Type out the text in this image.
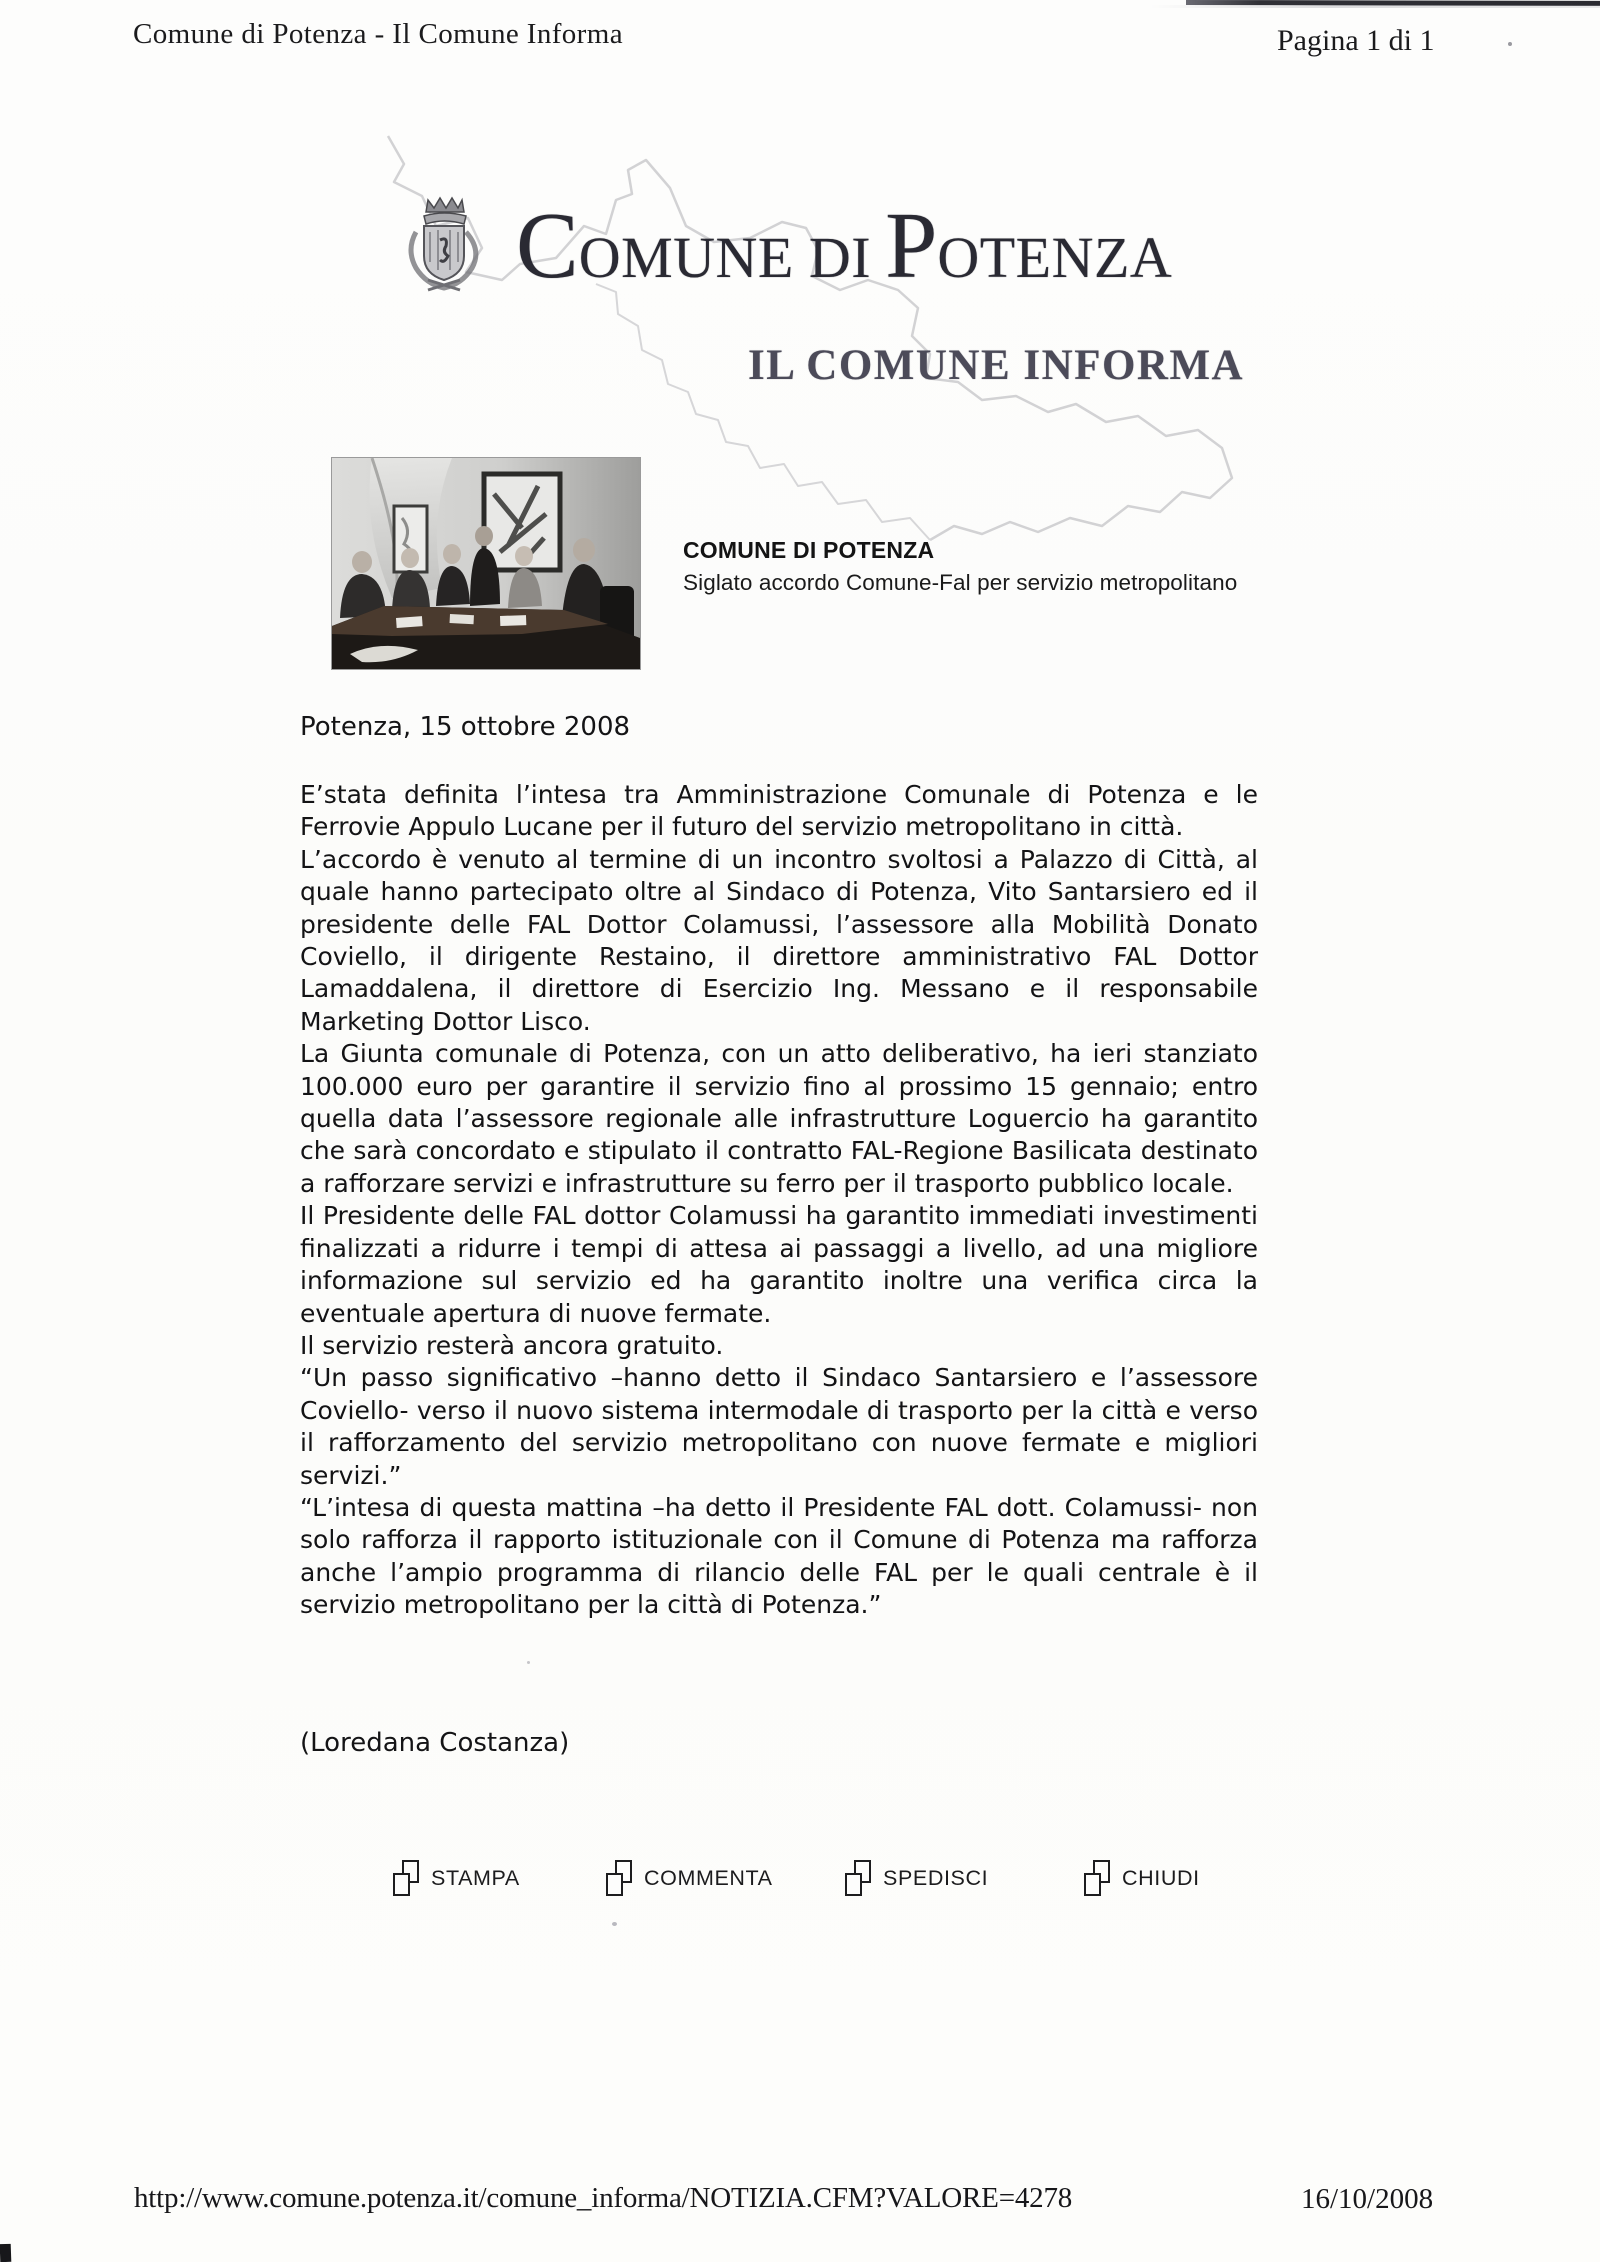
Comune di Potenza - Il Comune Informa	Pagina 1 di 1
COMUNE DI POTENZA
IL COMUNE INFORMA
COMUNE DI POTENZA
Siglato accordo Comune-Fal per servizio metropolitano
Potenza, 15 ottobre 2008

E’stata definita l’intesa tra Amministrazione Comunale di Potenza e le Ferrovie Appulo Lucane per il futuro del servizio metropolitano in città.

L’accordo è venuto al termine di un incontro svoltosi a Palazzo di Città, al quale hanno partecipato oltre al Sindaco di Potenza, Vito Santarsiero ed il presidente delle FAL Dottor Colamussi, l’assessore alla Mobilità Donato Coviello, il dirigente Restaino, il direttore amministrativo FAL Dottor Lamaddalena, il direttore di Esercizio Ing. Messano e il responsabile Marketing Dottor Lisco.

La Giunta comunale di Potenza, con un atto deliberativo, ha ieri stanziato 100.000 euro per garantire il servizio fino al prossimo 15 gennaio; entro quella data l’assessore regionale alle infrastrutture Loguercio ha garantito che sarà concordato e stipulato il contratto FAL-Regione Basilicata destinato a rafforzare servizi e infrastrutture su ferro per il trasporto pubblico locale.

Il Presidente delle FAL dottor Colamussi ha garantito immediati investimenti finalizzati a ridurre i tempi di attesa ai passaggi a livello, ad una migliore informazione sul servizio ed ha garantito inoltre una verifica circa la eventuale apertura di nuove fermate.

Il servizio resterà ancora gratuito.

“Un passo significativo –hanno detto il Sindaco Santarsiero e l’assessore Coviello- verso il nuovo sistema intermodale di trasporto per la città e verso il rafforzamento del servizio metropolitano con nuove fermate e migliori servizi.”

“L’intesa di questa mattina –ha detto il Presidente FAL dott. Colamussi- non solo rafforza il rapporto istituzionale con il Comune di Potenza ma rafforza anche l’ampio programma di rilancio delle FAL per le quali centrale è il servizio metropolitano per la città di Potenza.”

(Loredana Costanza)
STAMPA	COMMENTA	SPEDISCI	CHIUDI
http://www.comune.potenza.it/comune_informa/NOTIZIA.CFM?VALORE=4278	16/10/2008
